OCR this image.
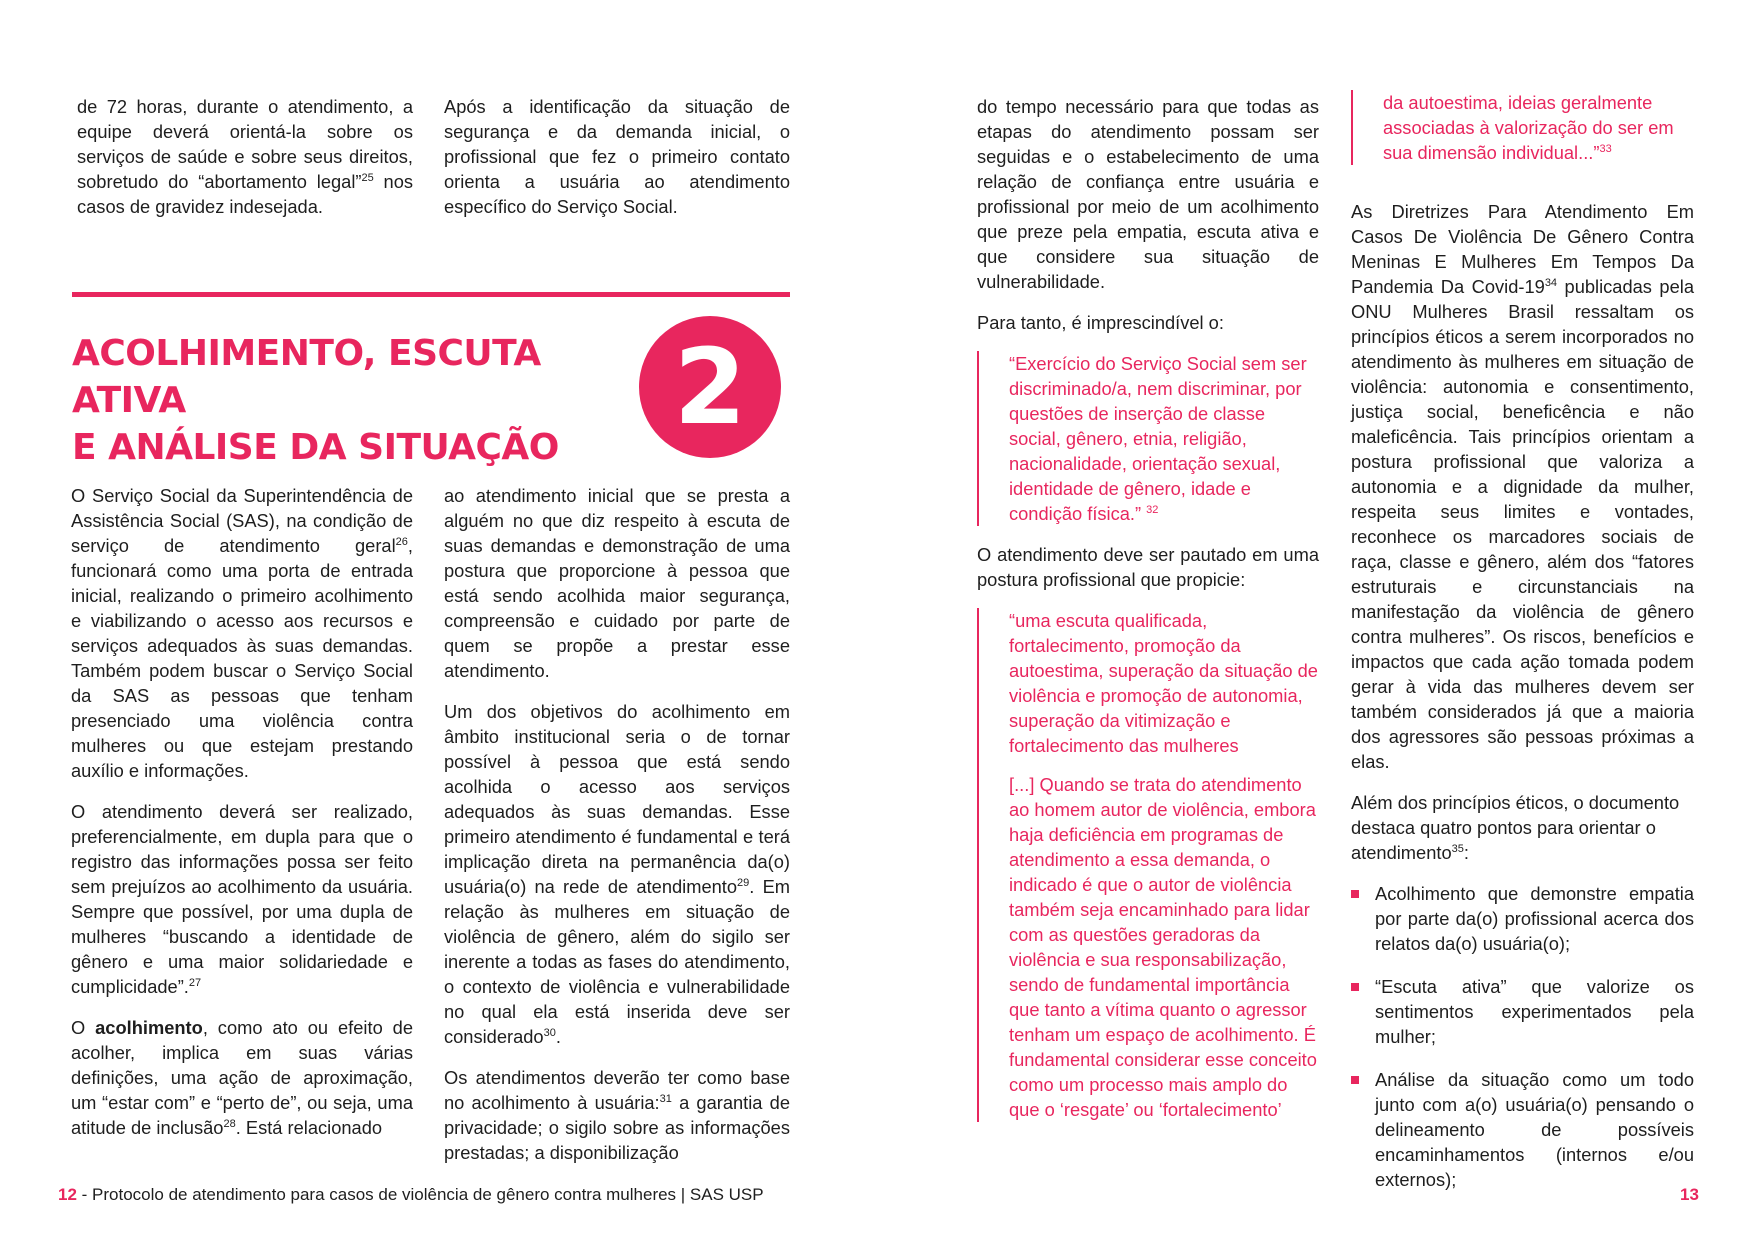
de 72 horas, durante o atendimento, a equipe deverá orientá-la sobre os serviços de saúde e sobre seus direitos, sobretudo do “abortamento legal”$^{25}$ nos casos de gravidez indesejada.

Após a identificação da situação de segurança e da demanda inicial, o profissional que fez o primeiro contato orienta a usuária ao atendimento específico do Serviço Social.

ACOLHIMENTO, ESCUTA ATIVA
E ANÁLISE DA SITUAÇÃO	2

O Serviço Social da Superintendência de Assistência Social (SAS), na condição de serviço de atendimento geral$^{26}$, funcionará como uma porta de entrada inicial, realizando o primeiro acolhimento e viabilizando o acesso aos recursos e serviços adequados às suas demandas. Também podem buscar o Serviço Social da SAS as pessoas que tenham presenciado uma violência contra mulheres ou que estejam prestando auxílio e informações.

O atendimento deverá ser realizado, preferencialmente, em dupla para que o registro das informações possa ser feito sem prejuízos ao acolhimento da usuária. Sempre que possível, por uma dupla de mulheres “buscando a identidade de gênero e uma maior solidariedade e cumplicidade”.$^{27}$

O acolhimento, como ato ou efeito de acolher, implica em suas várias definições, uma ação de aproximação, um “estar com” e “perto de”, ou seja, uma atitude de inclusão$^{28}$. Está relacionado

ao atendimento inicial que se presta a alguém no que diz respeito à escuta de suas demandas e demonstração de uma postura que proporcione à pessoa que está sendo acolhida maior segurança, compreensão e cuidado por parte de quem se propõe a prestar esse atendimento.

Um dos objetivos do acolhimento em âmbito institucional seria o de tornar possível à pessoa que está sendo acolhida o acesso aos serviços adequados às suas demandas. Esse primeiro atendimento é fundamental e terá implicação direta na permanência da(o) usuária(o) na rede de atendimento$^{29}$. Em relação às mulheres em situação de violência de gênero, além do sigilo ser inerente a todas as fases do atendimento, o contexto de violência e vulnerabilidade no qual ela está inserida deve ser considerado$^{30}$.

Os atendimentos deverão ter como base no acolhimento à usuária:$^{31}$ a garantia de privacidade; o sigilo sobre as informações prestadas; a disponibilização

12 - Protocolo de atendimento para casos de violência de gênero contra mulheres | SAS USP

do tempo necessário para que todas as etapas do atendimento possam ser seguidas e o estabelecimento de uma relação de confiança entre usuária e profissional por meio de um acolhimento que preze pela empatia, escuta ativa e que considere sua situação de vulnerabilidade.

Para tanto, é imprescindível o:

“Exercício do Serviço Social sem ser discriminado/a, nem discriminar, por questões de inserção de classe social, gênero, etnia, religião, nacionalidade, orientação sexual, identidade de gênero, idade e condição física.” $^{32}$

O atendimento deve ser pautado em uma postura profissional que propicie:

“uma escuta qualificada, fortalecimento, promoção da autoestima, superação da situação de violência e promoção de autonomia, superação da vitimização e fortalecimento das mulheres

[...] Quando se trata do atendimento ao homem autor de violência, embora haja deficiência em programas de atendimento a essa demanda, o indicado é que o autor de violência também seja encaminhado para lidar com as questões geradoras da violência e sua responsabilização, sendo de fundamental importância que tanto a vítima quanto o agressor tenham um espaço de acolhimento. É fundamental considerar esse conceito como um processo mais amplo do que o ‘resgate’ ou ‘fortalecimento’

da autoestima, ideias geralmente associadas à valorização do ser em sua dimensão individual...”$^{33}$

As Diretrizes Para Atendimento Em Casos De Violência De Gênero Contra Meninas E Mulheres Em Tempos Da Pandemia Da Covid-$19^{34}$ publicadas pela ONU Mulheres Brasil ressaltam os princípios éticos a serem incorporados no atendimento às mulheres em situação de violência: autonomia e consentimento, justiça social, beneficência e não maleficência. Tais princípios orientam a postura profissional que valoriza a autonomia e a dignidade da mulher, respeita seus limites e vontades, reconhece os marcadores sociais de raça, classe e gênero, além dos “fatores estruturais e circunstanciais na manifestação da violência de gênero contra mulheres”. Os riscos, benefícios e impactos que cada ação tomada podem gerar à vida das mulheres devem ser também considerados já que a maioria dos agressores são pessoas próximas a elas.

Além dos princípios éticos, o documento destaca quatro pontos para orientar o atendimento$^{35}$:

Acolhimento que demonstre empatia por parte da(o) profissional acerca dos relatos da(o) usuária(o);
“Escuta ativa” que valorize os sentimentos experimentados pela mulher;
Análise da situação como um todo junto com a(o) usuária(o) pensando o delineamento de possíveis encaminhamentos (internos e/ou externos);
13
